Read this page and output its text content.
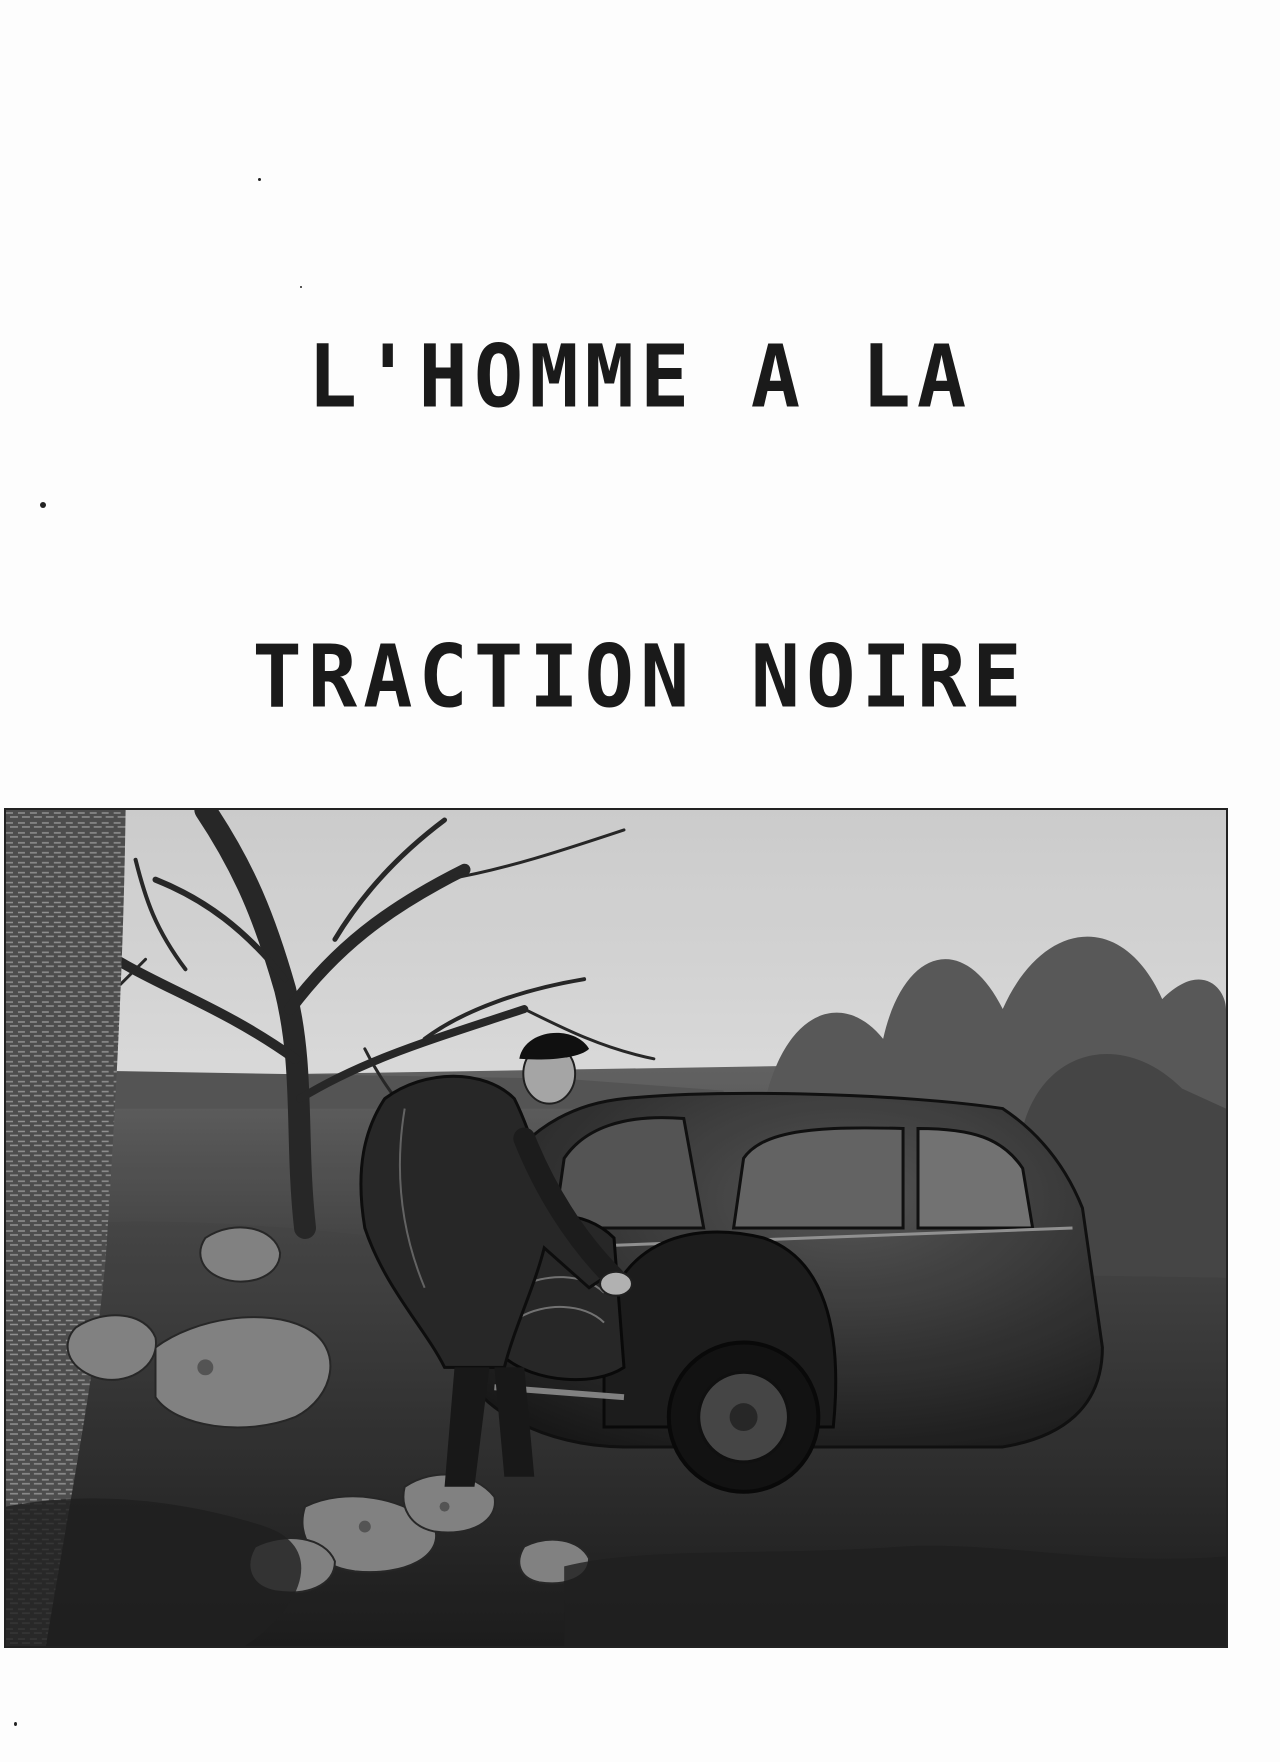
L'HOMME A LA
TRACTION NOIRE
